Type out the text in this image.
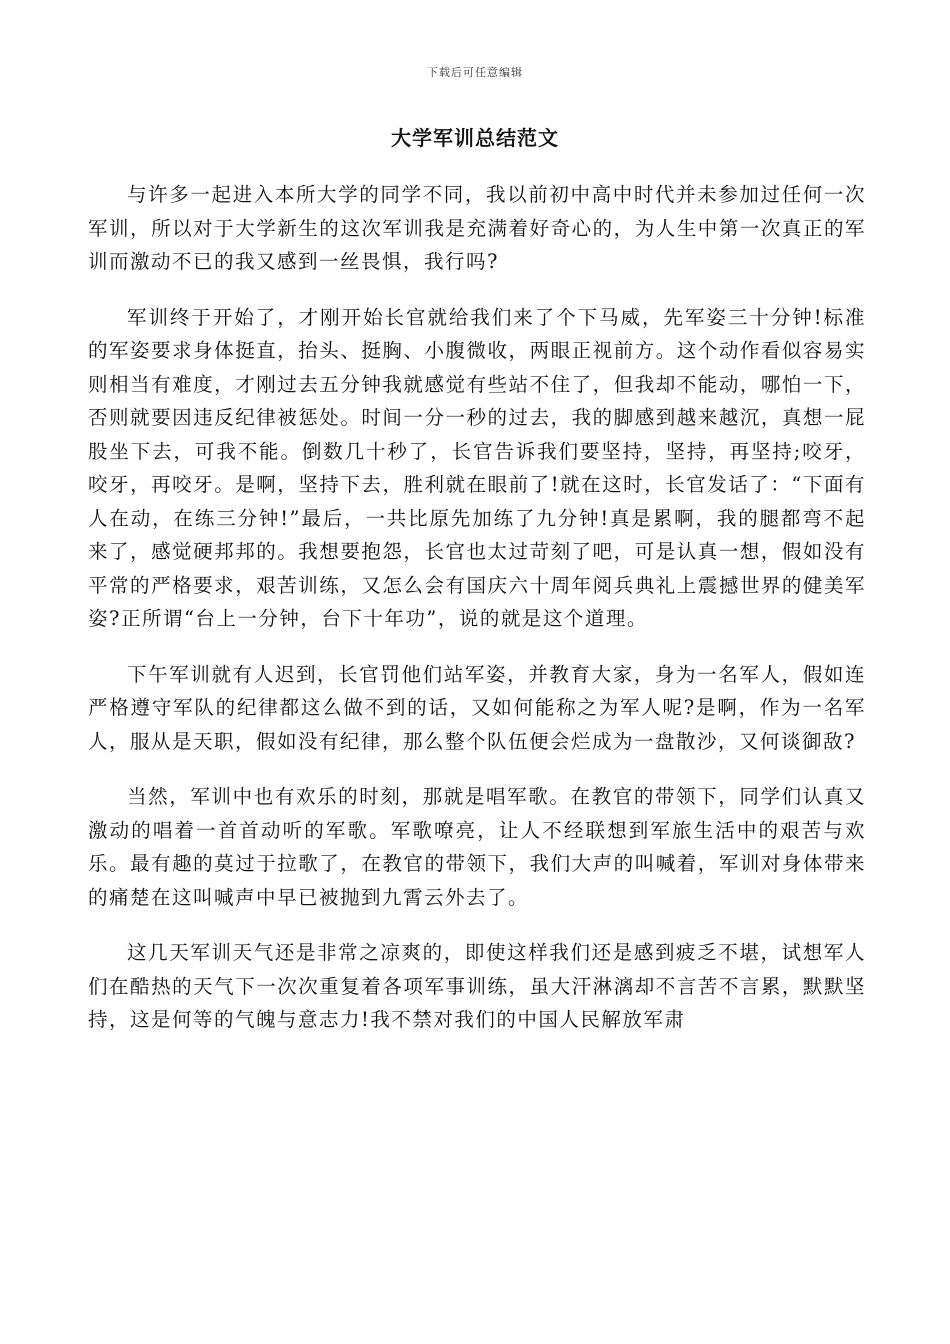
下载后可任意编辑
大学军训总结范文

与许多一起进入本所大学的同学不同，我以前初中高中时代并未参加过任何一次军训，所以对于大学新生的这次军训我是充满着好奇心的，为人生中第一次真正的军训而激动不已的我又感到一丝畏惧，我行吗?

军训终于开始了，才刚开始长官就给我们来了个下马威，先军姿三十分钟!标准的军姿要求身体挺直，抬头、挺胸、小腹微收，两眼正视前方。这个动作看似容易实则相当有难度，才刚过去五分钟我就感觉有些站不住了，但我却不能动，哪怕一下，否则就要因违反纪律被惩处。时间一分一秒的过去，我的脚感到越来越沉，真想一屁股坐下去，可我不能。倒数几十秒了，长官告诉我们要坚持，坚持，再坚持;咬牙，咬牙，再咬牙。是啊，坚持下去，胜利就在眼前了!就在这时，长官发话了：“下面有人在动，在练三分钟!”最后，一共比原先加练了九分钟!真是累啊，我的腿都弯不起来了，感觉硬邦邦的。我想要抱怨，长官也太过苛刻了吧，可是认真一想，假如没有平常的严格要求，艰苦训练，又怎么会有国庆六十周年阅兵典礼上震撼世界的健美军姿?正所谓“台上一分钟，台下十年功”，说的就是这个道理。

下午军训就有人迟到，长官罚他们站军姿，并教育大家，身为一名军人，假如连严格遵守军队的纪律都这么做不到的话，又如何能称之为军人呢?是啊，作为一名军人，服从是天职，假如没有纪律，那么整个队伍便会烂成为一盘散沙，又何谈御敌?

当然，军训中也有欢乐的时刻，那就是唱军歌。在教官的带领下，同学们认真又激动的唱着一首首动听的军歌。军歌嘹亮，让人不经联想到军旅生活中的艰苦与欢乐。最有趣的莫过于拉歌了，在教官的带领下，我们大声的叫喊着，军训对身体带来的痛楚在这叫喊声中早已被抛到九霄云外去了。

这几天军训天气还是非常之凉爽的，即使这样我们还是感到疲乏不堪，试想军人们在酷热的天气下一次次重复着各项军事训练，虽大汗淋漓却不言苦不言累，默默坚持，这是何等的气魄与意志力!我不禁对我们的中国人民解放军肃
